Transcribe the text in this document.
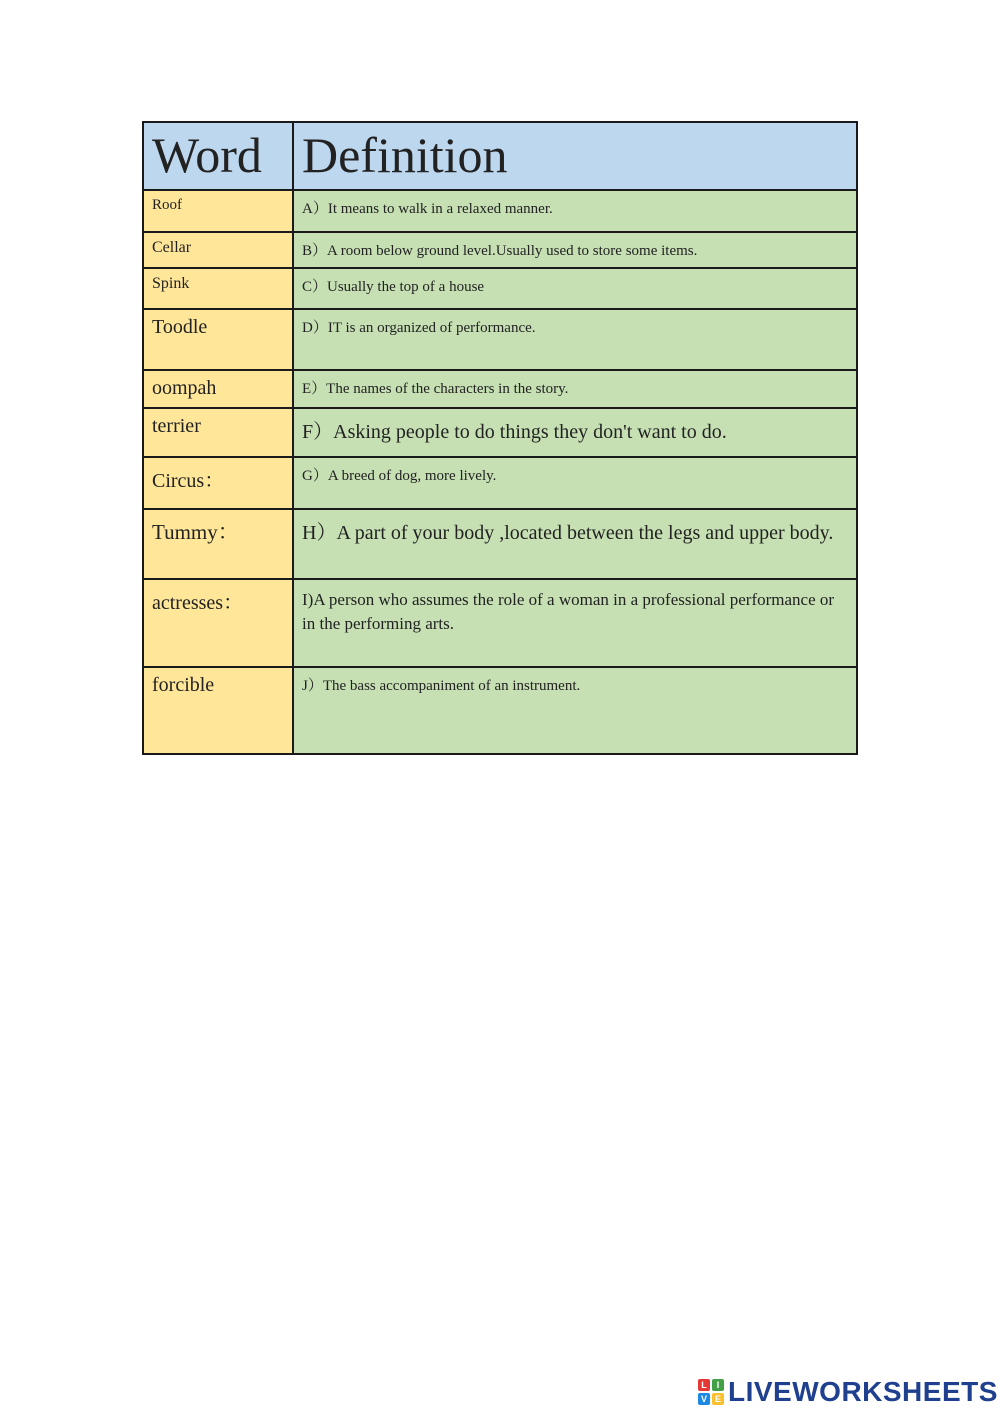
Word	Definition
Roof	A）It means to walk in a relaxed manner.
Cellar	B）A room below ground level.Usually used to store some items.
Spink	C）Usually the top of a house
Toodle	D）IT is an organized of performance.
oompah	E）The names of the characters in the story.
terrier	F）Asking people to do things they don't want to do.
Circus：	G）A breed of dog, more lively.
Tummy：	H）A part of your body ,located between the legs and upper body.
actresses：	I)A person who assumes the role of a woman in a professional performance or in the performing arts.
forcible	J）The bass accompaniment of an instrument.
L	I
V E LIVEWORKSHEETS
